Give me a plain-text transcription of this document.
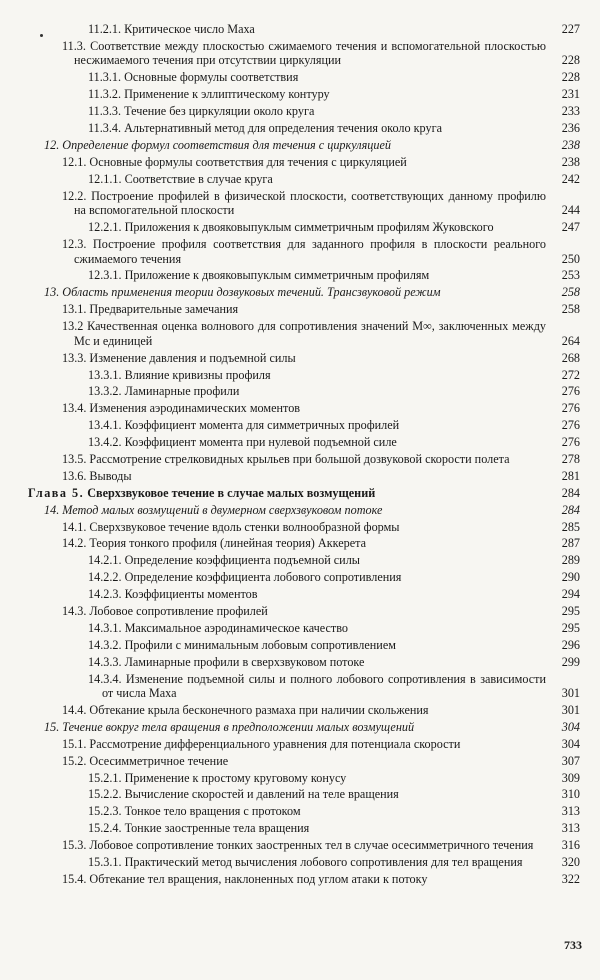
11.2.1. Критическое число Маха	227
11.3. Соответствие между плоскостью сжимаемого течения и вспомогательной плоскостью несжимаемого течения при отсутствии циркуляции	228
11.3.1. Основные формулы соответствия	228
11.3.2. Применение к эллиптическому контуру	231
11.3.3. Течение без циркуляции около круга	233
11.3.4. Альтернативный метод для определения течения около круга	236
12. Определение формул соответствия для течения с циркуляцией	238
12.1. Основные формулы соответствия для течения с циркуляцией	238
12.1.1. Соответствие в случае круга	242
12.2. Построение профилей в физической плоскости, соответствующих данному профилю на вспомогательной плоскости	244
12.2.1. Приложения к двояковыпуклым симметричным профилям Жуковского	247
12.3. Построение профиля соответствия для заданного профиля в плоскости реального сжимаемого течения	250
12.3.1. Приложение к двояковыпуклым симметричным профилям	253
13. Область применения теории дозвуковых течений. Трансзвуковой режим	258
13.1. Предварительные замечания	258
13.2 Качественная оценка волнового для сопротивления значений M∞, заключенных между Mc и единицей	264
13.3. Изменение давления и подъемной силы	268
13.3.1. Влияние кривизны профиля	272
13.3.2. Ламинарные профили	276
13.4. Изменения аэродинамических моментов	276
13.4.1. Коэффициент момента для симметричных профилей	276
13.4.2. Коэффициент момента при нулевой подъемной силе	276
13.5. Рассмотрение стрелковидных крыльев при большой дозвуковой скорости полета	278
13.6. Выводы	281
Глава 5. Сверхзвуковое течение в случае малых возмущений	284
14. Метод малых возмущений в двумерном сверхзвуковом потоке	284
14.1. Сверхзвуковое течение вдоль стенки волнообразной формы	285
14.2. Теория тонкого профиля (линейная теория) Аккерета	287
14.2.1. Определение коэффициента подъемной силы	289
14.2.2. Определение коэффициента лобового сопротивления	290
14.2.3. Коэффициенты моментов	294
14.3. Лобовое сопротивление профилей	295
14.3.1. Максимальное аэродинамическое качество	295
14.3.2. Профили с минимальным лобовым сопротивлением	296
14.3.3. Ламинарные профили в сверхзвуковом потоке	299
14.3.4. Изменение подъемной силы и полного лобового сопротивления в зависимости от числа Маха	301
14.4. Обтекание крыла бесконечного размаха при наличии скольжения	301
15. Течение вокруг тела вращения в предположении малых возмущений	304
15.1. Рассмотрение дифференциального уравнения для потенциала скорости	304
15.2. Осесимметричное течение	307
15.2.1. Применение к простому круговому конусу	309
15.2.2. Вычисление скоростей и давлений на теле вращения	310
15.2.3. Тонкое тело вращения с протоком	313
15.2.4. Тонкие заостренные тела вращения	313
15.3. Лобовое сопротивление тонких заостренных тел в случае осесимметричного течения	316
15.3.1. Практический метод вычисления лобового сопротивления для тел вращения	320
15.4. Обтекание тел вращения, наклоненных под углом атаки к потоку	322
733
